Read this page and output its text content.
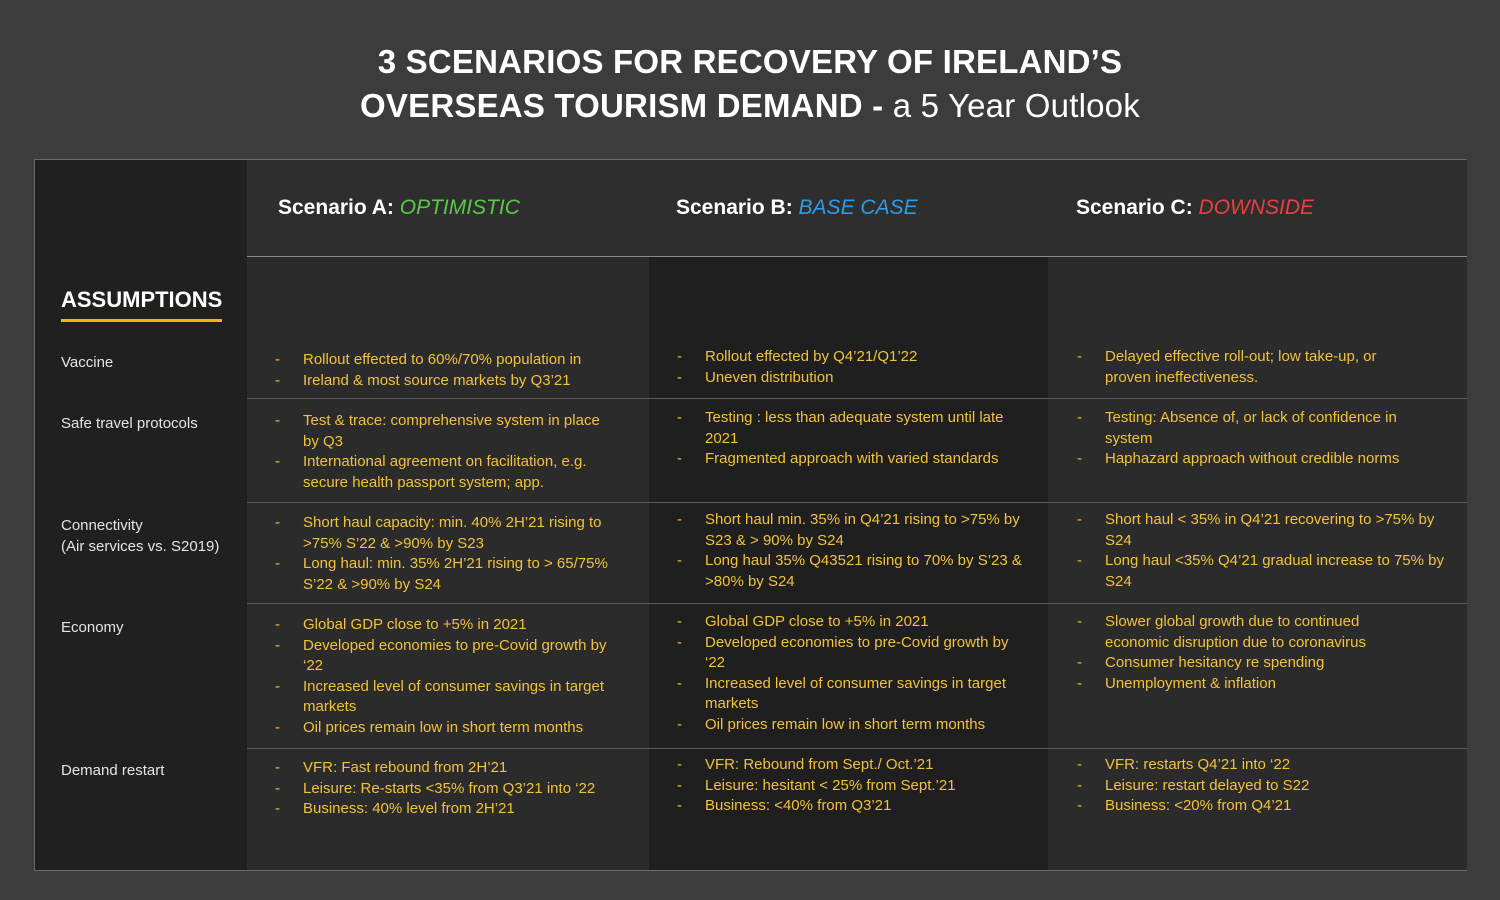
3 SCENARIOS FOR RECOVERY OF IRELAND’S
OVERSEAS TOURISM DEMAND - a 5 Year Outlook
Scenario A: OPTIMISTIC	Scenario B: BASE CASE	Scenario C: DOWNSIDE
ASSUMPTIONS
Vaccine
Safe travel protocols
Connectivity
(Air services vs. S2019)
Economy
Demand restart
- Rollout effected to 60%/70% population in
- Ireland & most source markets by Q3’21
- Rollout effected by Q4’21/Q1’22
- Uneven distribution
- Delayed effective roll-out; low take-up, or proven ineffectiveness.
- Test & trace: comprehensive system in place by Q3
- International agreement on facilitation, e.g. secure health passport system; app.
- Testing : less than adequate system until late 2021
- Fragmented approach with varied standards
- Testing: Absence of, or lack of confidence in system
- Haphazard approach without credible norms
- Short haul capacity: min. 40% 2H’21 rising to >75% S’22 & >90% by S23
- Long haul: min. 35% 2H’21 rising to > 65/75% S’22 & >90% by S24
- Short haul min. 35% in Q4’21 rising to >75% by S23 & > 90% by S24
- Long haul 35% Q43521 rising to 70% by S’23 & >80% by S24
- Short haul < 35% in Q4’21 recovering to >75% by S24
- Long haul <35% Q4’21 gradual increase to 75% by S24
- Global GDP close to +5% in 2021
- Developed economies to pre-Covid growth by ‘22
- Increased level of consumer savings in target markets
- Oil prices remain low in short term months
- Global GDP close to +5% in 2021
- Developed economies to pre-Covid growth by ‘22
- Increased level of consumer savings in target markets
- Oil prices remain low in short term months
- Slower global growth due to continued economic disruption due to coronavirus
- Consumer hesitancy re spending
- Unemployment & inflation
- VFR: Fast rebound from 2H’21
- Leisure: Re-starts <35% from Q3’21 into ‘22
- Business: 40% level from 2H’21
- VFR: Rebound from Sept./ Oct.’21
- Leisure: hesitant < 25% from Sept.’21
- Business: <40% from Q3’21
- VFR: restarts Q4’21 into ‘22
- Leisure: restart delayed to S22
- Business: <20% from Q4’21
